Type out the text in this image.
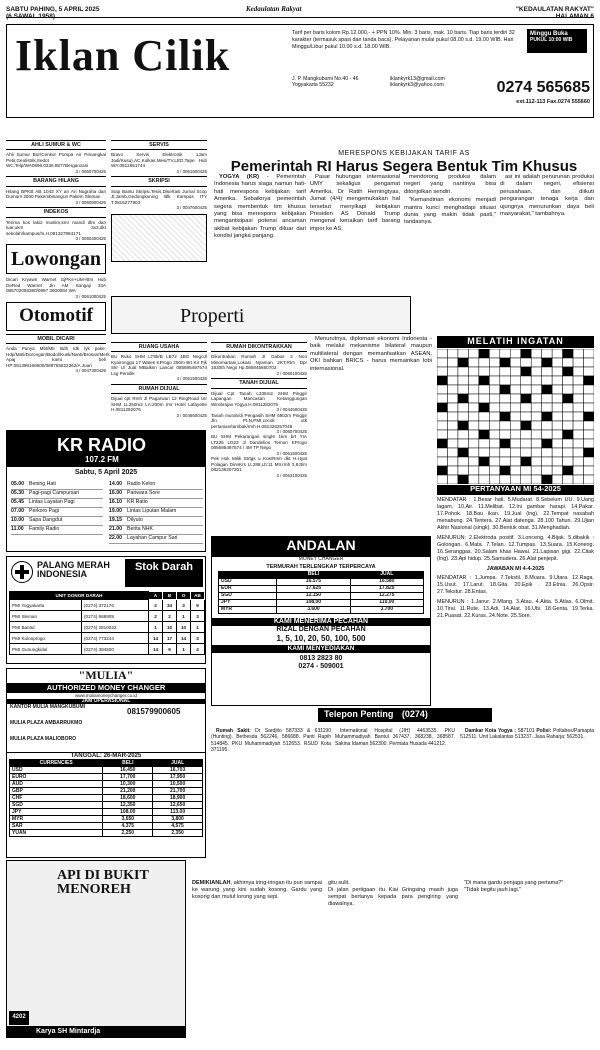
SABTU PAHING, 5 APRIL 2025
(6 SAWAL 1958)
Kedaulatan Rakyat	"KEDAULATAN RAKYAT"
HALAMAN 6
Iklan Cilik	Tarif per baris kolom Rp.12.000,- + PPN 10%. Min. 3 baris, mak. 10 baris. Tiap baris terdiri 32 karakter (termasuk spasi dan tanda baca). Pelayanan mulai pukul 08.00 s.d. 19.00 WIB. Hari Minggu/Libur pukul 10.00 s.d. 18.00 WIB.
Minggu Buka
PUKUL 10:00 WIB
J. P. Mangkubumi No.40 - 46 Yogyakarta 55232
iklankyrk13@gmail.com iklankyrk3@yahoo.com	0274 565685
ext.112-113 Fax.0274 555660
AHLI SUMUR & WC
Ahli Sumur Bor/Cenkor Pompa Air Penangkal Petir,Geolistrik,Sedot WC.Telp/WA0896.0336.8877Berganzani
3 / 0060700425
BARANG HILANG
Hilang BPKB AB 1043 XY an Ari Nugraha dan Dumum 2000 Pakembinangun Pakem Sleman
3 / 0060900425
INDEKOS
Terima kos laki2 muslim,kmr mandi dlm dan luar,ukm 3x3,dkt sekolah/kampus/rs.H.081327984171
3 / 0060400425
Lowongan
Dicari Kryawn Warnet GjPKe+UM+Brs Hub DeRed Warnet Jln AM Sangaji 33A 085702055380/0897 3600084 WA
3 / 0061000425
Otomotif
MOBIL DICARI
Anda Punya Mbl/Mtr Bdh tdk lyk pake: Hdp/Mati/Dorongan/Bodol/Kusk/Nanti/Brosan/Merk Apaj kami beli HP:081399166600/089765622362/A.Juari
4 / 0047300425
SERVIS
Bravo Servis Elektronik 1Jam Jadi/Kusu),AC,Kulkas,Mesi/TV,LED,Tape Hub WA:0812651744
3 / 0061600425
SKRIPSI
Siap Bantu Skripsi,Tesis,Disertasi Jurnal Scop Jl.Jamb,Gedongkuning Blk Kampus ITY T.0816277903
3 / 0047600425
Properti
RUANG USAHA
BU Ruko SHM LT55/B LB72 4BG NegoJl Kyaironggo 17 Wates KProgo 250m Brt Kir Pjk Skr U/ Jual MBalksn Lancar 085695497574 Lsg Pemilik
4 / 0061500425
RUMAH DIJUAL
Dijual cpt Rmh Jl Pagarwan 12 RingRoad Utr SHM LL250m2 LA:200m Imr Hotel Lafayette H.0811282076
3 / 0046600425
RUMAH DIKONTRAKKAN
Dikontrakan Rumah Jl Gabus 2 No4 Minomartani,Lokasi Nyaman 2KT,Rtm Dpr 1820th Nego Hp.085845860702
3 / 0060100425
TANAH DIJUAL
Dijual Cpt Tanah L335m2 SHM Pinggir Lapangan Mancasan Ketanggungan Wirobrajan Yogya.H.0811282076
3 / 0044600425
Tanah murah/di Pengasih SHM 6902m Pinggir Jln PLN,PMI,cocok utk pertanian/tambak/rmh.H.081326257048
3 / 0060700425
BU SHM Pekarangan single 1km brt YIA LT225 LD23 Jl Dandelion Temon KProgo 085695497574 / 4M TP Nego
3 / 0061500425
Pek Hok Milik Strtgs u Kos/Rmh dkt H.Hyat Polagan DinnKrs Lt.288,Lb:11 Mtr.rmh 3,8Jt/m 082136207201
3 / 0063100425
KR RADIO
107.2 FM
Sabtu, 5 April 2025
05.00 Bening Hati
05.30 Pagi-pagi Campursari
05.45 Lintas Layatan Pagi
07.00 Perkoro Pagi
10.00 Sapa Dangdut
11.00	Family Radio
14.00 Radio Kelon
16.00 Pariwara Sore
16.10 KR Ratio
19.00 Lintas Liputan Malam
19.15 Dilyuto
21.00 Berita NHK
22.00 Layahan Campur Sari
PALANG MERAH INDONESIA
Stok Darah
UNIT DONOR DARAH		A	B	O	AB
PMI Yogyakarta	(0274) 372176	2	34	3	9
PMI Sleman	(0274) 868909	2	2	1	3
PMI Bantul	(0274) 2810022	1	10	10	1
PMI Kulonprogo	(0274) 773244	14	17	14	3
PMI Gunungkidul	(0274) 394500	14	9	1	4
"MULIA"
AUTHORIZED MONEY CHANGER
www.muliamoneychanger.co.id
JAM OPERASIONAL
KANTOR MULIA MANGKUBUMI
MULIA PLAZA AMBARRUKMO
MULIA PLAZA MALIOBORO
081579900605
TANGGAL: 26-MAR-2025
CURRENCIES	BELI	JUAL
USD	16,450	16,703
EURO	17,700	17,950
AUD	10,300	10,500
GBP	21,200	21,700
CHF	18,600	18,900
SGD	12,350	12,650
JPY	108.00	113.00
MYR	3,650	3,800
SAR	4,375	4,575
YUAN	2,250	2,350
MERESPONS KEBIJAKAN TARIF AS
Pemerintah RI Harus Segera Bentuk Tim Khusus

YOGYA (KR) - Pemerintah Indonesia harus siaga namun hati-hati merespons kebijakan tarif Amerika. Sebaiknya pemerintah segera membentuk tim khusus yang bisa merespons kebijakan mengantisipasi potensi ancaman akibat kebijakan Trump diluar dari kondisi jangka panjang.

Pasar hubungan internasional UMY sekaligus pengamat Amerika, Dr Ratih Herningtyas, Jumat (4/4) mengemukakan hal tersebut menyikapi kebijakan Presiden AS Donald Trump mengenal kenaikan tarif barang impor ke AS.

mendorong produksi dalam negeri yang nantinya bisa ditonjolkan sendiri.

"Kemandirian ekonomi menjadi mantra kunci menghadapi situasi dunia yang makin tidak pasti," tandasnya.

asi ini adalah penurunan produksi di dalam negeri, efisiensi perusahaan, dan diikuti pengurangan tenaga kerja dan ujungnya menurunkan daya beli masyarakat," tambahnya.

Menurutnya, diplomasi ekonomi Indonesia - baik melalui mekanisme bilateral maupun multilateral dengan memanfaatkan ASEAN, OKI bahkan BRICS - harus memainkan lobi internasional.

ANDALAN
MONEY CHANGER
TERMURAH TERLENGKAP TERPERCAYA
	BELI	JUAL
USD	16.575	16.580
EUR	17.625	17.825
SGD	12.150	12.275
JPY	108,00	110,00
MYR	3.600	3.700
KAMI MENERIMA PECAHAN
RIZAL DENGAN PECAHAN
1, 5, 10, 20, 50, 100, 500
KAMI MENYEDIAKAN
0813 2823 80
0274 - 509001
MELATIH INGATAN
PERTANYAAN MI 54-2025
MENDATAR : 1.Besar hati. 5.Mudarat. 8.Sebelum UU. 9.Uang lagam. 10.Air. 11.Melibat. 12.lni gambar harapi. 14.Pakar. 17.Pohok. 18.Bau ikan. 19.Jual (ing). 22.Tempat nasabah menabung. 24.Tentera. 27.Alat datenga. 28.100 Tahun. 29.Ujian Akhir Nasional (singk). 30.Bentuk obat. 31.Menghadiah.
MENURUN: 2.Elektroda positif. 3.Lonceng. 4.Bijak. 5.dibakik : Golongan. 6.Mata. 7.Telan. 12.Tumpas. 13.Suara. 15.Koneng. 16.Seranggas. 20.Salam khas Hawai. 21.Lapisan gigi. 22.Citak (Ing). 23.Api hidup. 25.Samudera. 26.Alat penjepit.
JAWABAN MI 4-4-2025
MENDATAR : 1.Jumpa. 7.Tekstil. 8.Muara. 9.Utara. 12.Raga. 15.Usut. 17.Larut. 18.Gita. 20.Epik . 23.Etnia. 26.Opsir. 27.Tekstur. 28.Entas.
MENURUN : 1.Janur. 2.Mlang. 3.Atau. 4.Akta. 5.Atlas. 6.Olmit. 10.Tirai. 11.Rute. 13.Adi. 14.Alat. 16.Ubi. 18.Genta. 19.Terka. 21.Puasat. 22.Kuras. 24.Note. 25.Sore.
Telepon Penting (0274)

Rumah Sakit: Dr Sardjito 587333 & 631190 (Hunting). Bethesda 562246, 586688. Panti Rapih 514845. PKU Muhammadiyah 512653. RSUD Kota 371195.

International Hospital (JIH) 4463535. PKU Muhammadiyah Bantul 367437, 368238, 368587. Sakina Idaman 562300. Permata Husada 441212.

Damkar Kota Yogya : 587101 Polisi: Poltabes/Pamapta 512511. Unit Lakalantas 513237. Jasa Raharja: 562531.

API DI BUKIT MENOREH
4202
Karya SH Mintardja

DEMIKIANLAH, akhirnya iring-iringan itu pun sampai ke warung yang kini sudah kosong. Gardu yang kosong dan mulut lorong yang sepi.

gitu sulit.

Di jalan pertigaan itu Kiai Gringsing masih juga sempat bertanya kepada para pengiring yang diawalnya.

"Di mana gardu penjaga yang pertama?"

"Tidak begitu jauh lagi."
